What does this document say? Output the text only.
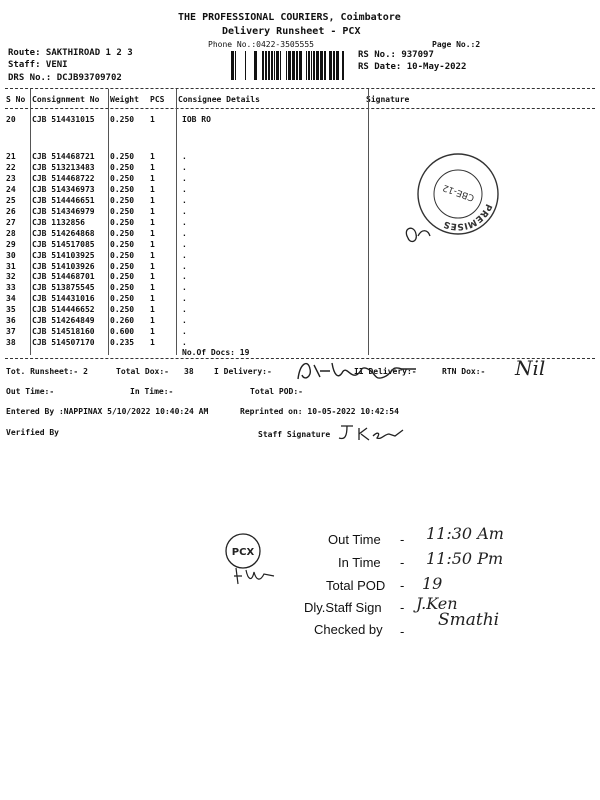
THE PROFESSIONAL COURIERS, Coimbatore
Delivery Runsheet - PCX
Phone No.:0422-3505555	Page No.:2
Route: SAKTHIROAD 1 2 3
Staff: VENI
DRS No.: DCJB93709702
RS No.: 937097
RS Date: 10-May-2022
S No Consignment No Weight PCS Consignee Details	Signature
20 CJB 514431015 0.250 1	IOB RO
21 CJB 514468721 0.250 1	.
22 CJB 513213483 0.250 1	.
23 CJB 514468722 0.250 1	.
24 CJB 514346973 0.250 1	.
25 CJB 514446651 0.250 1	.
26 CJB 514346979 0.250 1	.
27 CJB 1132856	0.250 1	.
28 CJB 514264868 0.250 1	.
29 CJB 514517085 0.250 1	.
30 CJB 514103925 0.250 1	.
31 CJB 514103926 0.250 1	.
32 CJB 514468701 0.250 1	.
33 CJB 513875545 0.250 1	.
34 CJB 514431016 0.250 1	.
35 CJB 514446652 0.250 1	.
36 CJB 514264849 0.260 1	.
37 CJB 514518160 0.600 1	.
38 CJB 514507170 0.235 1	.
No.Of Docs: 19
Tot. Runsheet:- 2	Total Dox:- 38	I Delivery:-	II Delivery:-	RTN Dox:- Nil
Out Time:-	In Time:-	Total POD:-
Entered By :NAPPINAX 5/10/2022 10:40:24 AM	Reprinted on: 10-05-2022 10:42:54
Verified By	Staff Signature
PREMISES
CBE-12
PCX
Out Time - 11:30 Am
In Time - 11:50 Pm
Total POD - 19
Dly.Staff Sign - J.Ken
Checked by -
Smathi
